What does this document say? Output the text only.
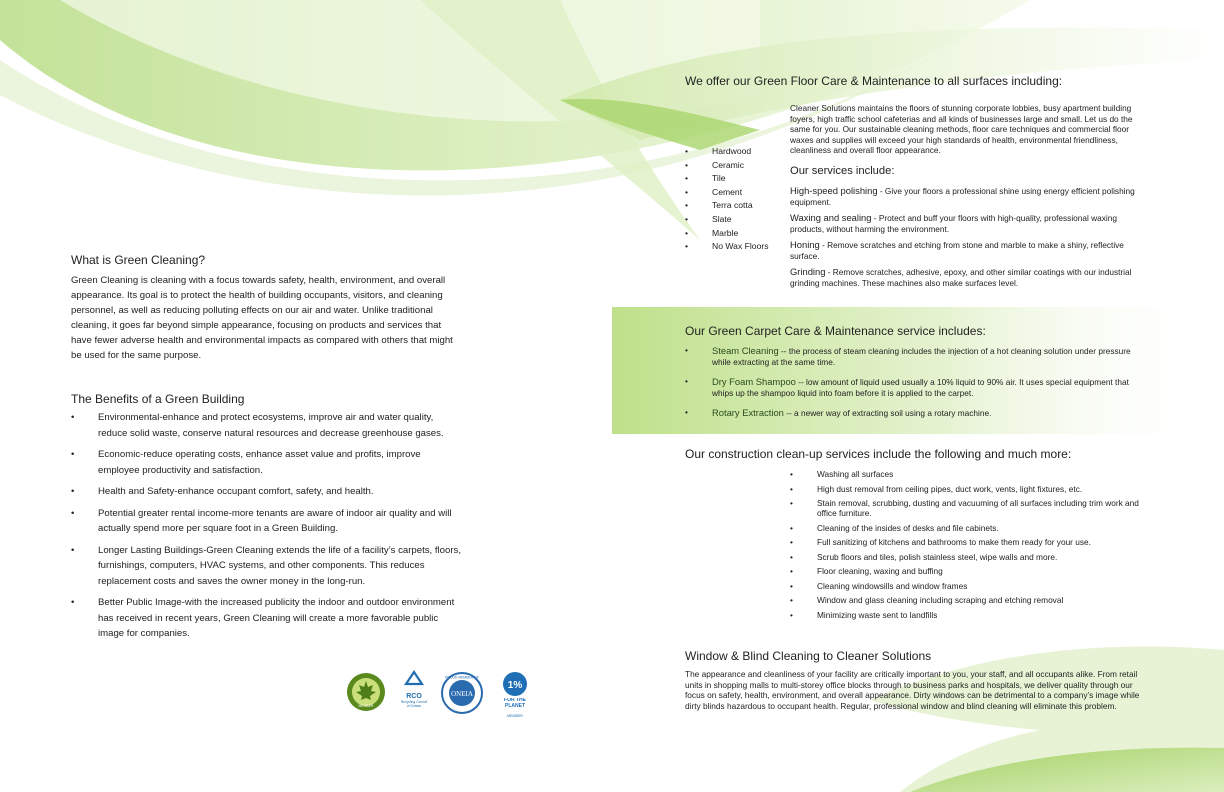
What is Green Cleaning?

Green Cleaning is cleaning with a focus towards safety, health, environment, and overall appearance. Its goal is to protect the health of building occupants, visitors, and cleaning personnel, as well as reducing polluting effects on our air and water. Unlike traditional cleaning, it goes far beyond simple appearance, focusing on products and services that have fewer adverse health and environmental impacts as compared with others that might be used for the same purpose.

The Benefits of a Green Building
• Environmental-enhance and protect ecosystems, improve air and water quality, reduce solid waste, conserve natural resources and decrease greenhouse gases.
• Economic-reduce operating costs, enhance asset value and profits, improve employee productivity and satisfaction.
• Health and Safety-enhance occupant comfort, safety, and health.
• Potential greater rental income-more tenants are aware of indoor air quality and will actually spend more per square foot in a Green Building.
• Longer Lasting Buildings-Green Cleaning extends the life of a facility’s carpets, floors, furnishings, computers, HVAC systems, and other components. This reduces replacement costs and saves the owner money in the long-run.
• Better Public Image-with the increased publicity the indoor and outdoor environment has received in recent years, Green Cleaning will create a more favorable public image for companies.
MEMBER
RCO
Recycling Council of Ontario
ONEIA
PROUD MEMBER OF
1%
FOR THE PLANET
MEMBER
We offer our Green Floor Care & Maintenance to all surfaces including:
• Hardwood
• Ceramic
• Tile
• Cement
• Terra cotta
• Slate
• Marble
• No Wax Floors

Cleaner Solutions maintains the floors of stunning corporate lobbies, busy apartment building foyers, high traffic school cafeterias and all kinds of businesses large and small. Let us do the same for you. Our sustainable cleaning methods, floor care techniques and commercial floor waxes and supplies will exceed your high standards of health, environmental friendliness, cleanliness and overall floor appearance.

Our services include:

High-speed polishing - Give your floors a professional shine using energy efficient polishing equipment.

Waxing and sealing - Protect and buff your floors with high-quality, professional waxing products, without harming the environment.

Honing - Remove scratches and etching from stone and marble to make a shiny, reflective surface.

Grinding - Remove scratches, adhesive, epoxy, and other similar coatings with our industrial grinding machines. These machines also make surfaces level.

Our Green Carpet Care & Maintenance service includes:
• Steam Cleaning -- the process of steam cleaning includes the injection of a hot cleaning solution under pressure while extracting at the same time.
• Dry Foam Shampoo -- low amount of liquid used usually a 10% liquid to 90% air. It uses special equipment that whips up the shampoo liquid into foam before it is applied to the carpet.
• Rotary Extraction -- a newer way of extracting soil using a rotary machine.
Our construction clean-up services include the following and much more:
• Washing all surfaces
• High dust removal from ceiling pipes, duct work, vents, light fixtures, etc.
• Stain removal, scrubbing, dusting and vacuuming of all surfaces including trim work and office furniture.
• Cleaning of the insides of desks and file cabinets.
• Full sanitizing of kitchens and bathrooms to make them ready for your use.
• Scrub floors and tiles, polish stainless steel, wipe walls and more.
• Floor cleaning, waxing and buffing
• Cleaning windowsills and window frames
• Window and glass cleaning including scraping and etching removal
• Minimizing waste sent to landfills
Window & Blind Cleaning to Cleaner Solutions

The appearance and cleanliness of your facility are critically important to you, your staff, and all occupants alike. From retail units in shopping malls to multi-storey office blocks through to business parks and hospitals, we deliver quality through our focus on safety, health, environment, and overall appearance. Dirty windows can be detrimental to a company’s image while dirty blinds hazardous to occupant health. Regular, professional window and blind cleaning will eliminate this problem.
